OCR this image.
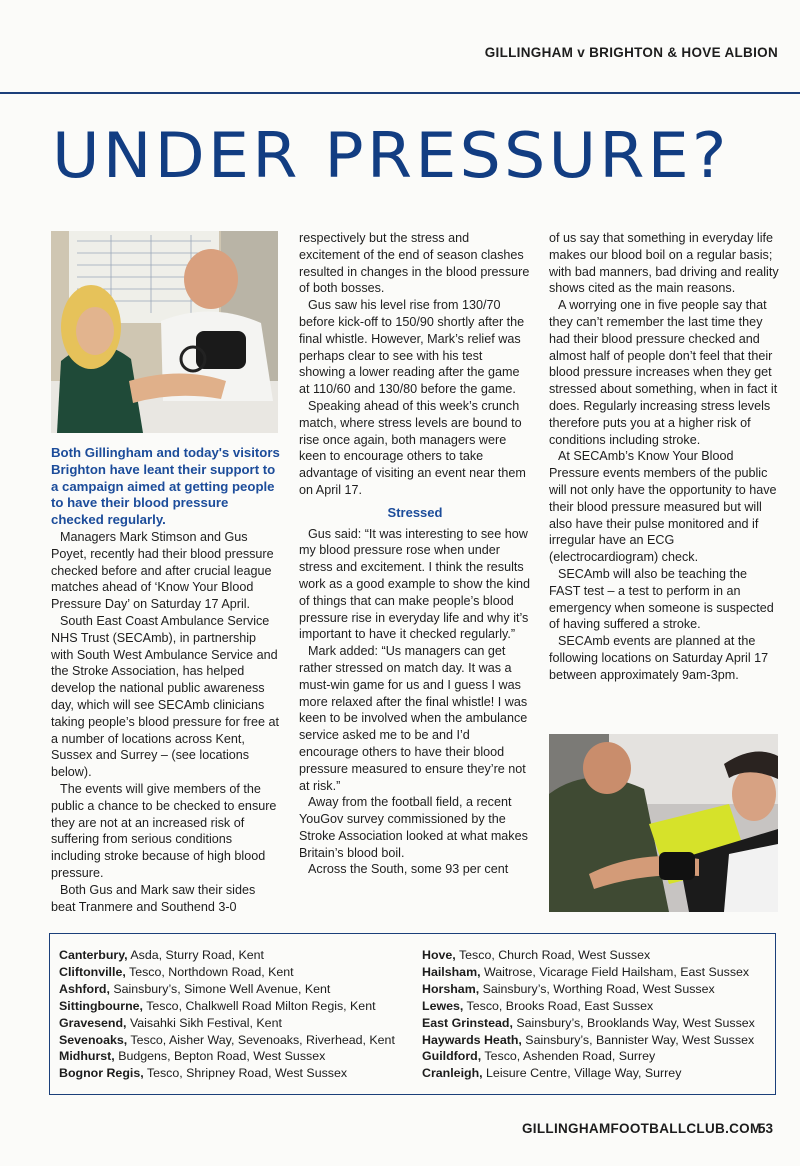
GILLINGHAM v BRIGHTON & HOVE ALBION
UNDER PRESSURE?

Both Gillingham and today's visitors Brighton have leant their support to a campaign aimed at getting people to have their blood pressure checked regularly.

Managers Mark Stimson and Gus Poyet, recently had their blood pressure checked before and after crucial league matches ahead of ‘Know Your Blood Pressure Day’ on Saturday 17 April.

South East Coast Ambulance Service NHS Trust (SECAmb), in partnership with South West Ambulance Service and the Stroke Association, has helped develop the national public awareness day, which will see SECAmb clinicians taking people’s blood pressure for free at a number of locations across Kent, Sussex and Surrey – (see locations below).

The events will give members of the public a chance to be checked to ensure they are not at an increased risk of suffering from serious conditions including stroke because of high blood pressure.

Both Gus and Mark saw their sides beat Tranmere and Southend 3-0

respectively but the stress and excitement of the end of season clashes resulted in changes in the blood pressure of both bosses.

Gus saw his level rise from 130/70 before kick-off to 150/90 shortly after the final whistle. However, Mark’s relief was perhaps clear to see with his test showing a lower reading after the game at 110/60 and 130/80 before the game.

Speaking ahead of this week’s crunch match, where stress levels are bound to rise once again, both managers were keen to encourage others to take advantage of visiting an event near them on April 17.

Stressed

Gus said: “It was interesting to see how my blood pressure rose when under stress and excitement. I think the results work as a good example to show the kind of things that can make people’s blood pressure rise in everyday life and why it’s important to have it checked regularly.”

Mark added: “Us managers can get rather stressed on match day. It was a must-win game for us and I guess I was more relaxed after the final whistle! I was keen to be involved when the ambulance service asked me to be and I’d encourage others to have their blood pressure measured to ensure they’re not at risk.”

Away from the football field, a recent YouGov survey commissioned by the Stroke Association looked at what makes Britain’s blood boil.

Across the South, some 93 per cent

of us say that something in everyday life makes our blood boil on a regular basis; with bad manners, bad driving and reality shows cited as the main reasons.

A worrying one in five people say that they can’t remember the last time they had their blood pressure checked and almost half of people don’t feel that their blood pressure increases when they get stressed about something, when in fact it does. Regularly increasing stress levels therefore puts you at a higher risk of conditions including stroke.

At SECAmb’s Know Your Blood Pressure events members of the public will not only have the opportunity to have their blood pressure measured but will also have their pulse monitored and if irregular have an ECG (electrocardiogram) check.

SECAmb will also be teaching the FAST test – a test to perform in an emergency when someone is suspected of having suffered a stroke.

SECAmb events are planned at the following locations on Saturday April 17 between approximately 9am-3pm.

Canterbury, Asda, Sturry Road, Kent
Cliftonville, Tesco, Northdown Road, Kent
Ashford, Sainsbury’s, Simone Well Avenue, Kent
Sittingbourne, Tesco, Chalkwell Road Milton Regis, Kent
Gravesend, Vaisahki Sikh Festival, Kent
Sevenoaks, Tesco, Aisher Way, Sevenoaks, Riverhead, Kent
Midhurst, Budgens, Bepton Road, West Sussex
Bognor Regis, Tesco, Shripney Road, West Sussex
Hove, Tesco, Church Road, West Sussex
Hailsham, Waitrose, Vicarage Field Hailsham, East Sussex
Horsham, Sainsbury’s, Worthing Road, West Sussex
Lewes, Tesco, Brooks Road, East Sussex
East Grinstead, Sainsbury’s, Brooklands Way, West Sussex
Haywards Heath, Sainsbury’s, Bannister Way, West Sussex
Guildford, Tesco, Ashenden Road, Surrey
Cranleigh, Leisure Centre, Village Way, Surrey
GILLINGHAMFOOTBALLCLUB.COM
53
